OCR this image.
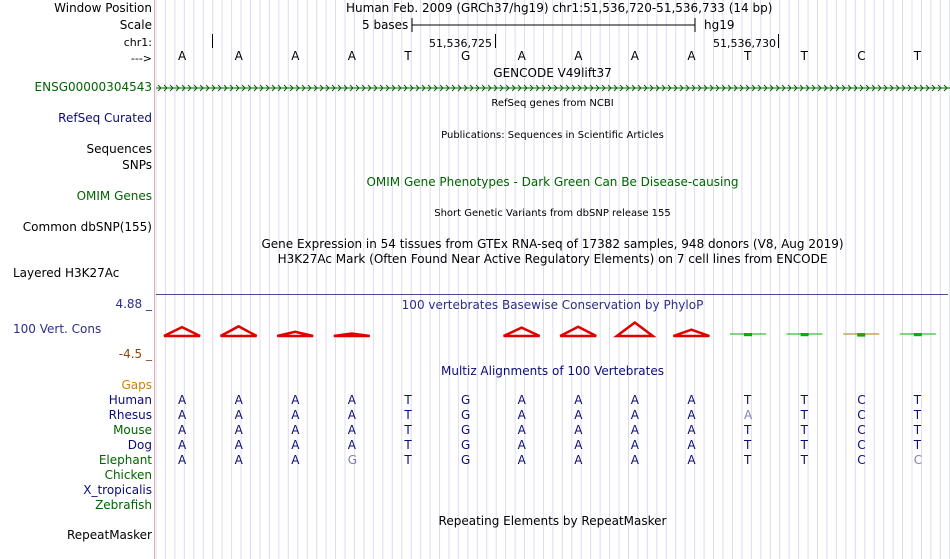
Window Position	Human Feb. 2009 (GRCh37/hg19) chr1:51,536,720-51,536,733 (14 bp)
Scale	5 bases	hg19
chr1:	51,536,725	51,536,730
---> A	A	A	A	T	G	A	A	A	A	T	T	C	T
GENCODE V49lift37
ENSG00000304543
RefSeq genes from NCBI
RefSeq Curated
Publications: Sequences in Scientific Articles
Sequences
SNPs
OMIM Gene Phenotypes - Dark Green Can Be Disease-causing
OMIM Genes
Short Genetic Variants from dbSNP release 155
Common dbSNP(155)
Gene Expression in 54 tissues from GTEx RNA-seq of 17382 samples, 948 donors (V8, Aug 2019)
H3K27Ac Mark (Often Found Near Active Regulatory Elements) on 7 cell lines from ENCODE
Layered H3K27Ac
100 vertebrates Basewise Conservation by PhyloP
4.88 _
100 Vert. Cons
-4.5 _
Multiz Alignments of 100 Vertebrates
Gaps
Human A	A	A	A	T	G	A	A	A	A	T	T	C	T
Rhesus A	A	A	A	T	G	A	A	A	A	A	T	C	T
Mouse A	A	A	A	T	G	A	A	A	A	T	T	C	T
Dog A	A	A	A	T	G	A	A	A	A	T	T	C	T
Elephant A	A	A	G	T	G	A	A	A	A	T	T	C	C
Chicken
X_tropicalis
Zebrafish
Repeating Elements by RepeatMasker
RepeatMasker
